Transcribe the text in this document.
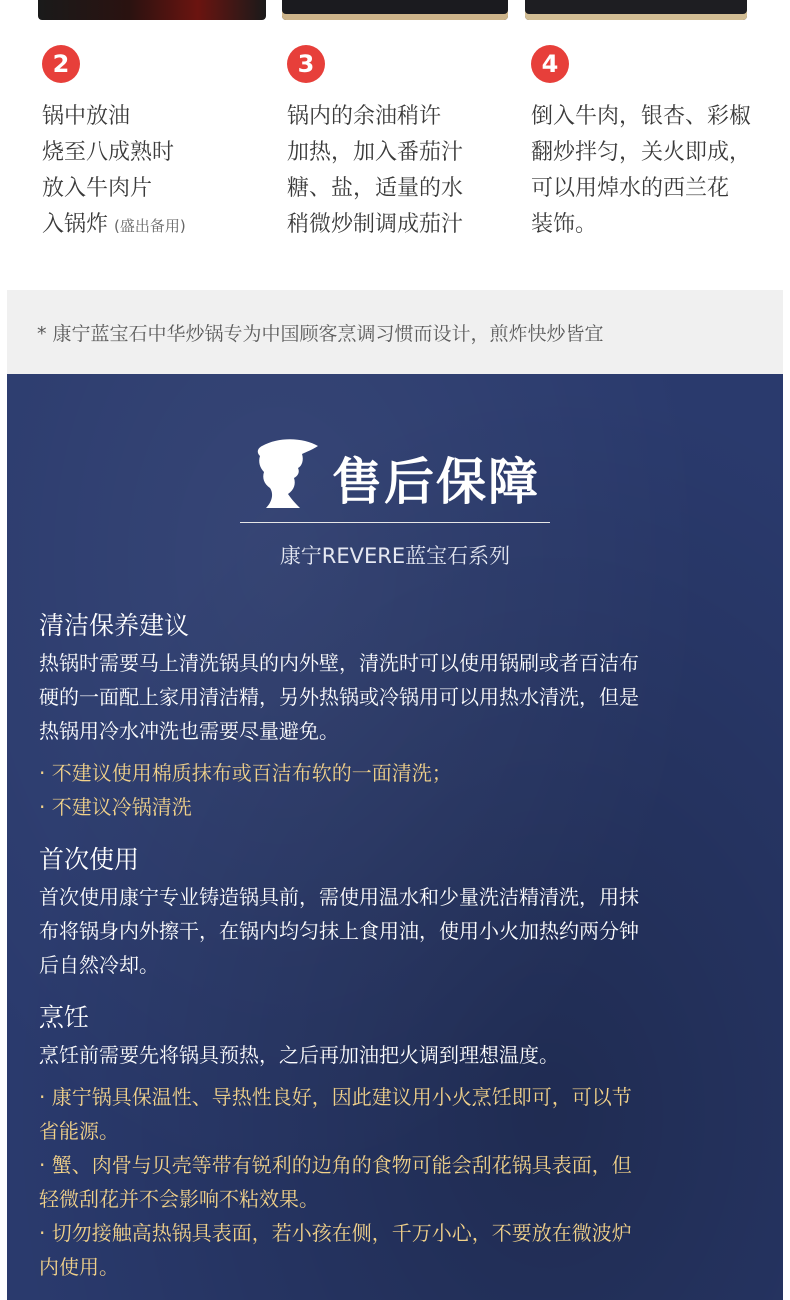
2
锅中放油
烧至八成熟时
放入牛肉片
入锅炸 (盛出备用)
3
锅内的余油稍许
加热，加入番茄汁
糖、盐，适量的水
稍微炒制调成茄汁
4
倒入牛肉，银杏、彩椒
翻炒拌匀，关火即成，
可以用焯水的西兰花
装饰。
* 康宁蓝宝石中华炒锅专为中国顾客烹调习惯而设计，煎炸快炒皆宜
售后保障
康宁REVERE蓝宝石系列

清洁保养建议

热锅时需要马上清洗锅具的内外壁，清洗时可以使用锅刷或者百洁布

硬的一面配上家用清洁精，另外热锅或冷锅用可以用热水清洗，但是

热锅用冷水冲洗也需要尽量避免。

· 不建议使用棉质抹布或百洁布软的一面清洗；

· 不建议冷锅清洗

首次使用

首次使用康宁专业铸造锅具前，需使用温水和少量洗洁精清洗，用抹

布将锅身内外擦干，在锅内均匀抹上食用油，使用小火加热约两分钟

后自然冷却。

烹饪

烹饪前需要先将锅具预热，之后再加油把火调到理想温度。

· 康宁锅具保温性、导热性良好，因此建议用小火烹饪即可，可以节

省能源。

· 蟹、肉骨与贝壳等带有锐利的边角的食物可能会刮花锅具表面，但

轻微刮花并不会影响不粘效果。

· 切勿接触高热锅具表面，若小孩在侧，千万小心，不要放在微波炉

内使用。
